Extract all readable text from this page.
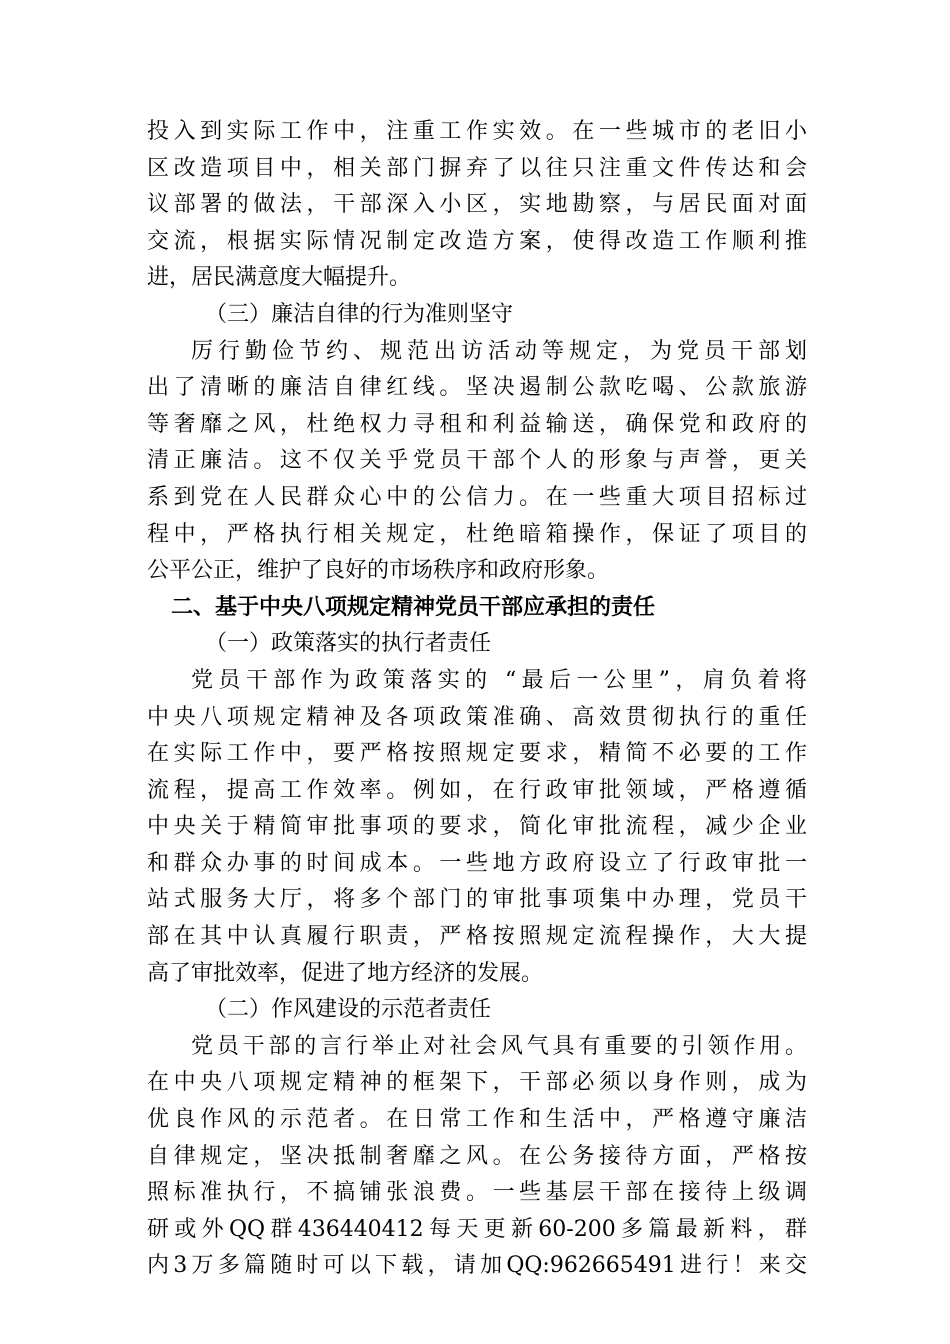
投入到实际工作中，注重工作实效。在一些城市的老旧小
区改造项目中，相关部门摒弃了以往只注重文件传达和会
议部署的做法，干部深入小区，实地勘察，与居民面对面
交流，根据实际情况制定改造方案，使得改造工作顺利推
进，居民满意度大幅提升。
（三）廉洁自律的行为准则坚守
厉行勤俭节约、规范出访活动等规定，为党员干部划
出了清晰的廉洁自律红线。坚决遏制公款吃喝、公款旅游
等奢靡之风，杜绝权力寻租和利益输送，确保党和政府的
清正廉洁。这不仅关乎党员干部个人的形象与声誉，更关
系到党在人民群众心中的公信力。在一些重大项目招标过
程中，严格执行相关规定，杜绝暗箱操作，保证了项目的
公平公正，维护了良好的市场秩序和政府形象。
二、基于中央八项规定精神党员干部应承担的责任
（一）政策落实的执行者责任
党员干部作为政策落实的 “最后一公里”，肩负着将
中央八项规定精神及各项政策准确、高效贯彻执行的重任
在实际工作中，要严格按照规定要求，精简不必要的工作
流程，提高工作效率。例如，在行政审批领域，严格遵循
中央关于精简审批事项的要求，简化审批流程，减少企业
和群众办事的时间成本。一些地方政府设立了行政审批一
站式服务大厅，将多个部门的审批事项集中办理，党员干
部在其中认真履行职责，严格按照规定流程操作，大大提
高了审批效率，促进了地方经济的发展。
（二）作风建设的示范者责任
党员干部的言行举止对社会风气具有重要的引领作用。
在中央八项规定精神的框架下，干部必须以身作则，成为
优良作风的示范者。在日常工作和生活中，严格遵守廉洁
自律规定，坚决抵制奢靡之风。在公务接待方面，严格按
照标准执行，不搞铺张浪费。一些基层干部在接待上级调
研或外QQ群436440412每天更新60-200多篇最新料，群
内3万多篇随时可以下载，请加QQ:962665491进行！来交
